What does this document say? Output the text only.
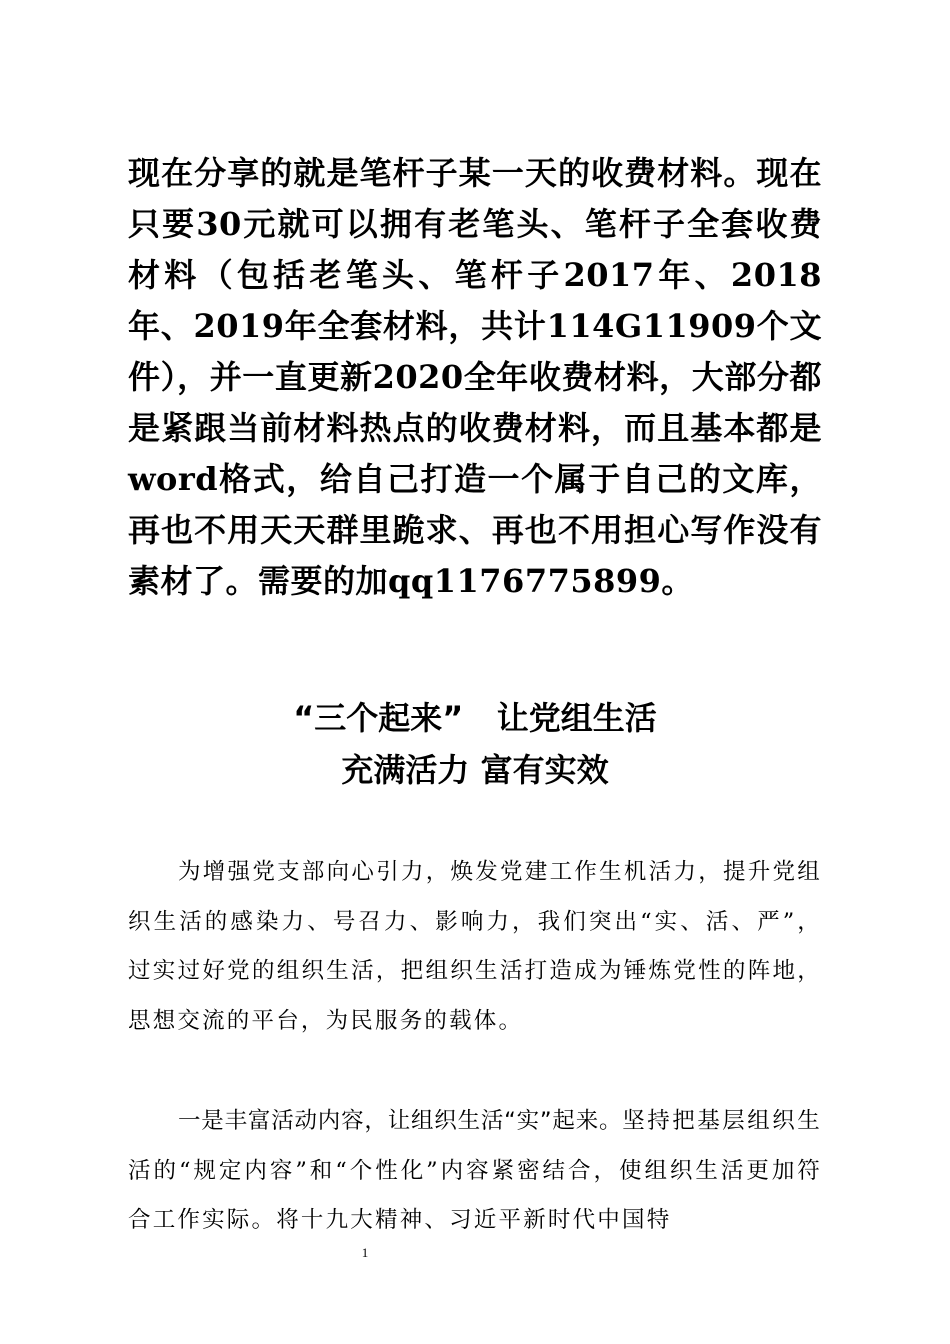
现在分享的就是笔杆子某一天的收费材料。现在只要30元就可以拥有老笔头、笔杆子全套收费材料（包括老笔头、笔杆子2017年、2018年、2019年全套材料，共计114G11909个文件），并一直更新2020全年收费材料，大部分都是紧跟当前材料热点的收费材料，而且基本都是word格式，给自己打造一个属于自己的文库，再也不用天天群里跪求、再也不用担心写作没有素材了。需要的加qq1176775899。
“三个起来”   让党组生活
充满活力 富有实效
为增强党支部向心引力，焕发党建工作生机活力，提升党组织生活的感染力、号召力、影响力，我们突出“实、活、严”，过实过好党的组织生活，把组织生活打造成为锤炼党性的阵地，思想交流的平台，为民服务的载体。
一是丰富活动内容，让组织生活“实”起来。坚持把基层组织生活的“规定内容”和“个性化”内容紧密结合，使组织生活更加符合工作实际。将十九大精神、习近平新时代中国特
1
